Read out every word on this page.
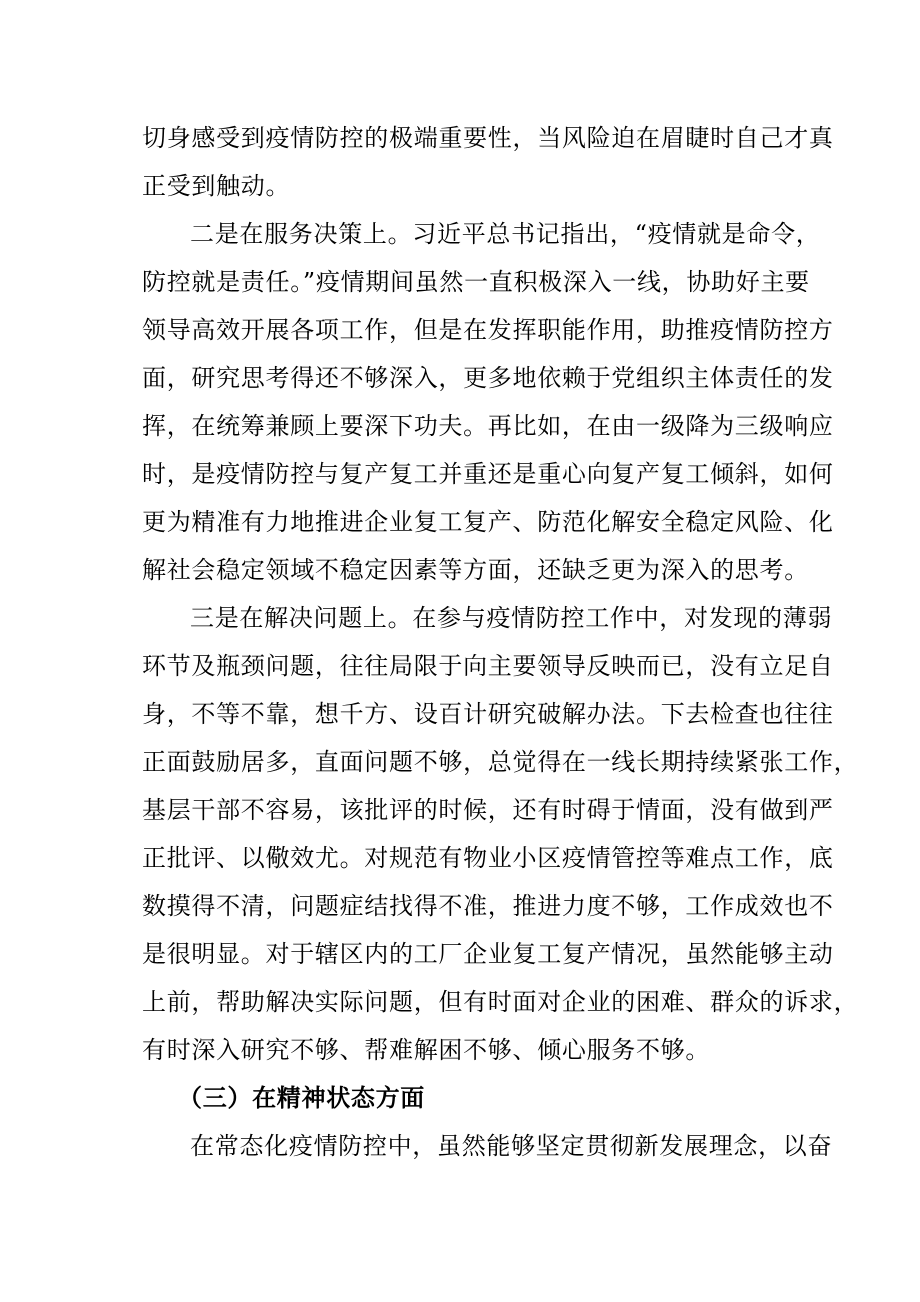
切身感受到疫情防控的极端重要性，当风险迫在眉睫时自己才真
正受到触动。
二是在服务决策上。习近平总书记指出，“疫情就是命令，
防控就是责任。”疫情期间虽然一直积极深入一线，协助好主要
领导高效开展各项工作，但是在发挥职能作用，助推疫情防控方
面，研究思考得还不够深入，更多地依赖于党组织主体责任的发
挥，在统筹兼顾上要深下功夫。再比如，在由一级降为三级响应
时，是疫情防控与复产复工并重还是重心向复产复工倾斜，如何
更为精准有力地推进企业复工复产、防范化解安全稳定风险、化
解社会稳定领域不稳定因素等方面，还缺乏更为深入的思考。
三是在解决问题上。在参与疫情防控工作中，对发现的薄弱
环节及瓶颈问题，往往局限于向主要领导反映而已，没有立足自
身，不等不靠，想千方、设百计研究破解办法。下去检查也往往
正面鼓励居多，直面问题不够，总觉得在一线长期持续紧张工作，
基层干部不容易，该批评的时候，还有时碍于情面，没有做到严
正批评、以儆效尤。对规范有物业小区疫情管控等难点工作，底
数摸得不清，问题症结找得不准，推进力度不够，工作成效也不
是很明显。对于辖区内的工厂企业复工复产情况，虽然能够主动
上前，帮助解决实际问题，但有时面对企业的困难、群众的诉求，
有时深入研究不够、帮难解困不够、倾心服务不够。
（三）在精神状态方面
在常态化疫情防控中，虽然能够坚定贯彻新发展理念，以奋
